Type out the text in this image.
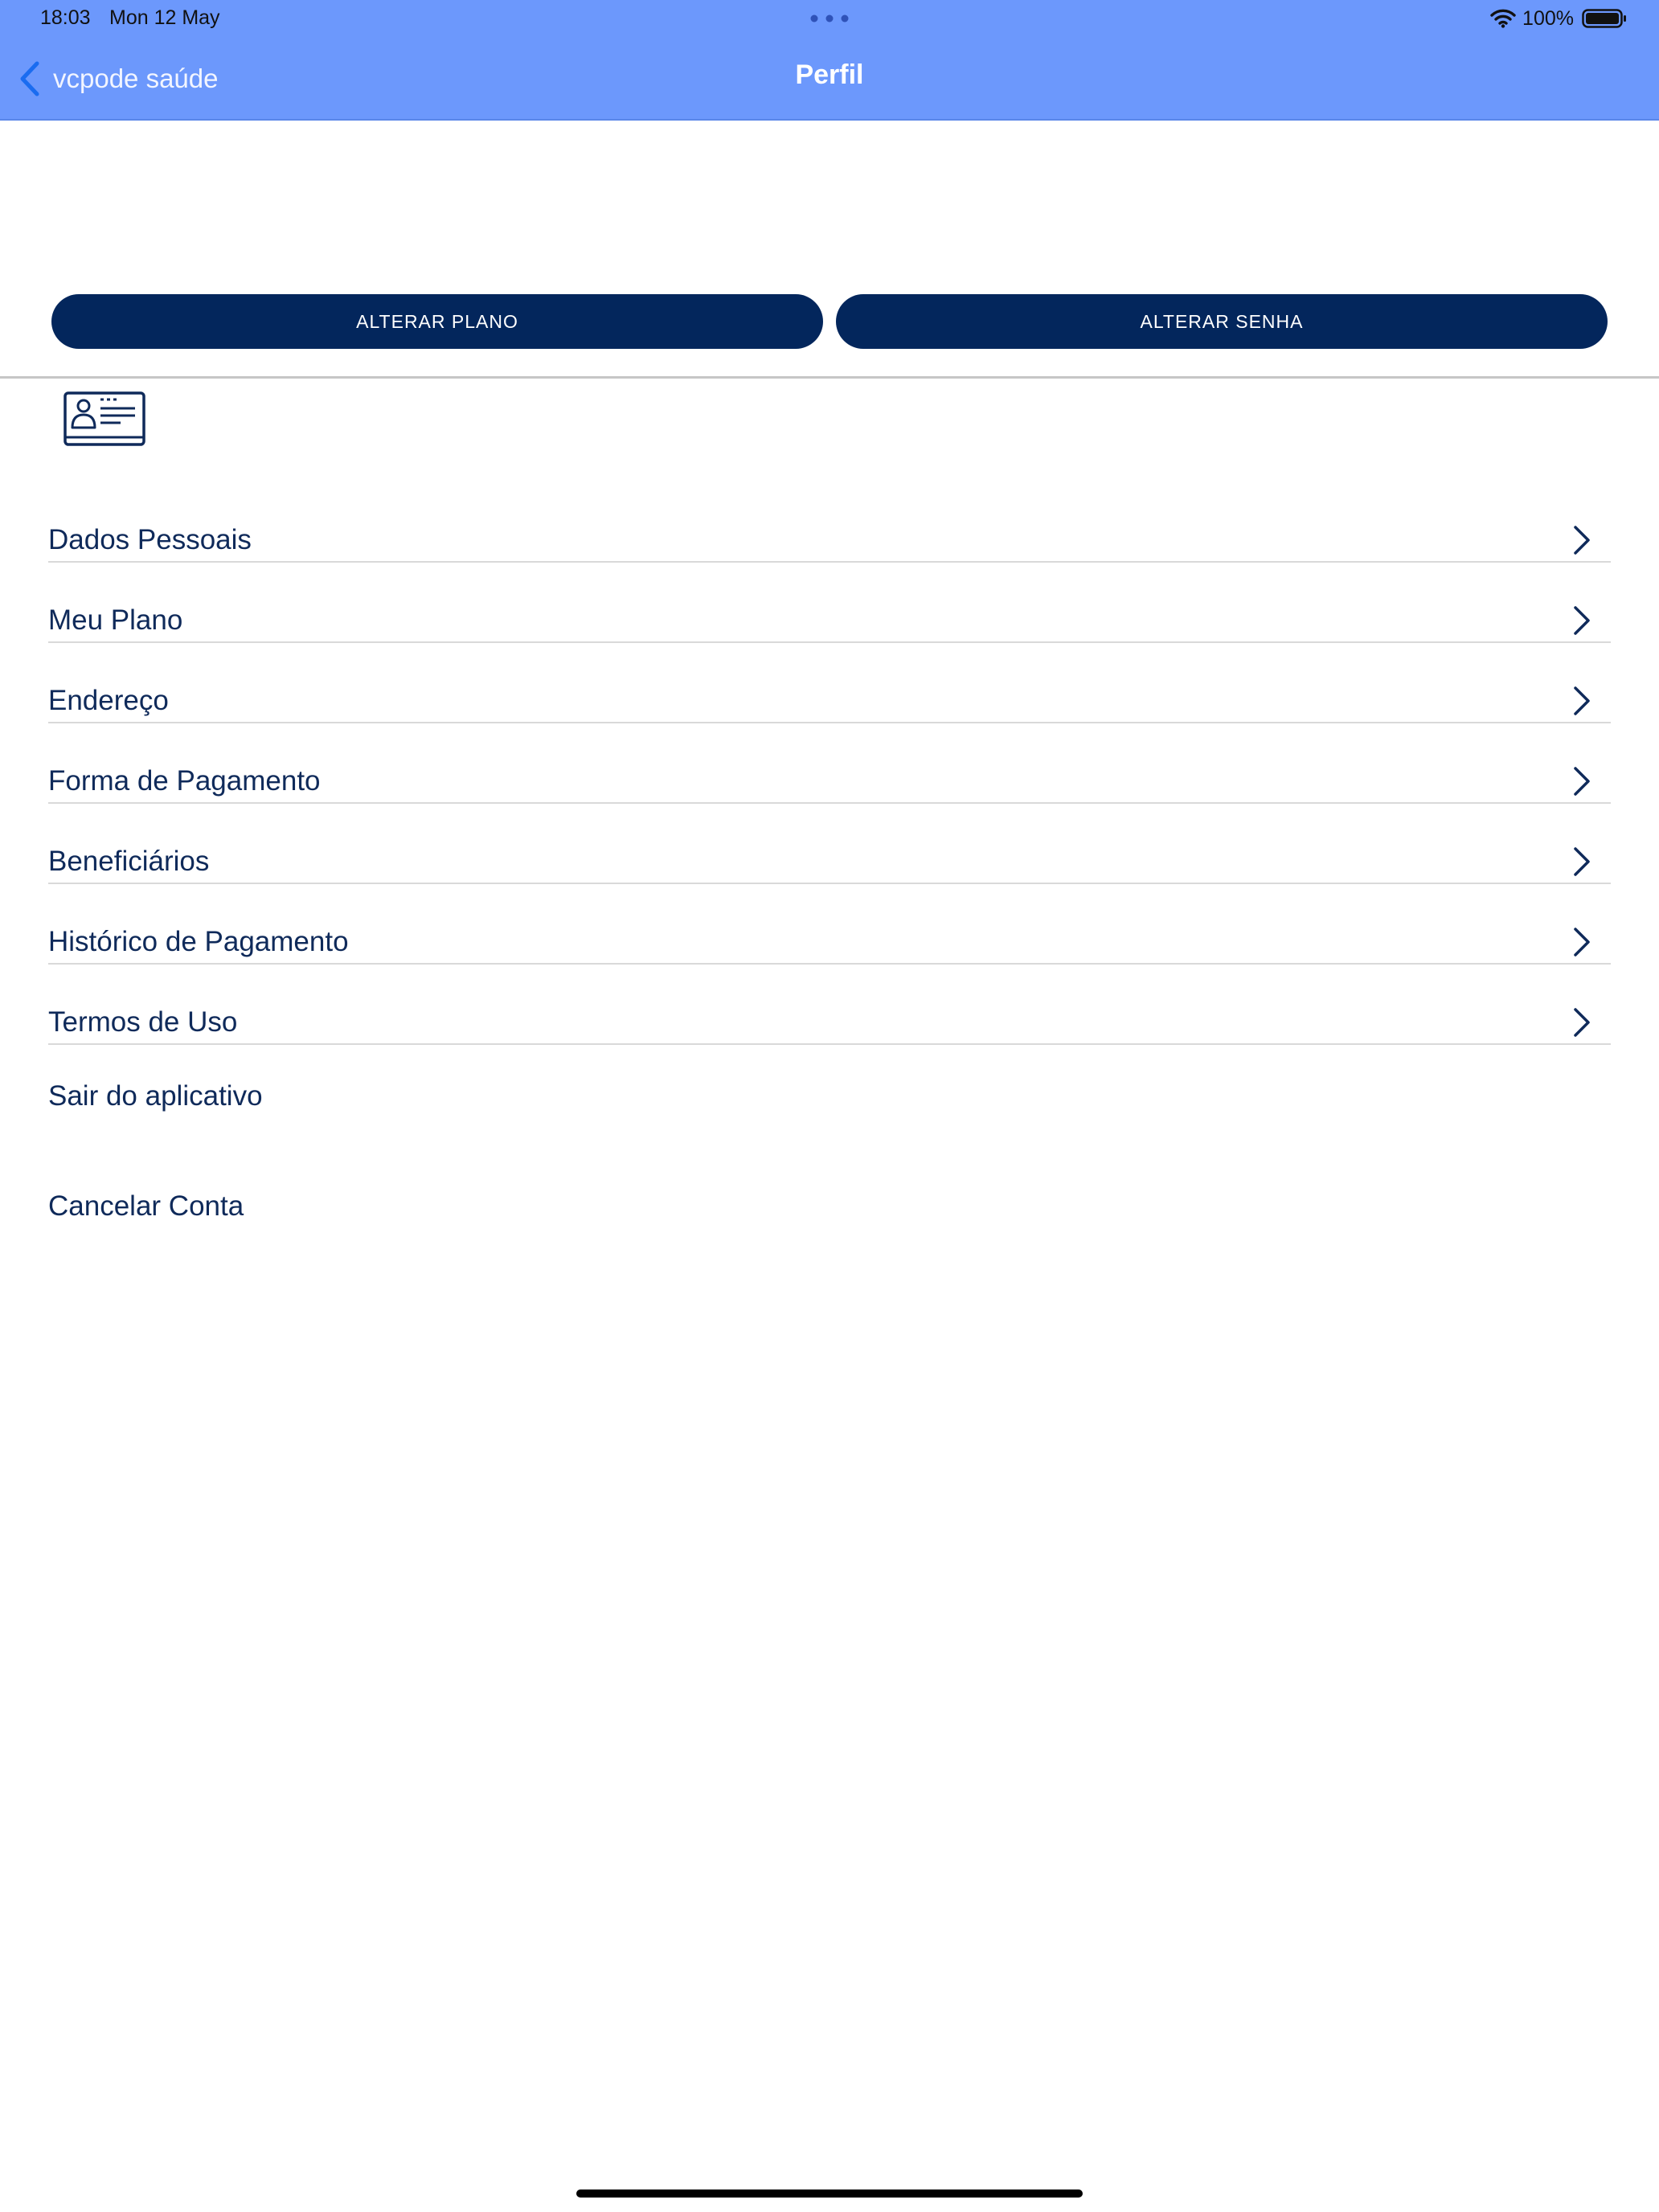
18:03 Mon 12 May	100%
vcpode saúde	Perfil
ALTERAR PLANO	ALTERAR SENHA
Dados Pessoais
Meu Plano
Endereço
Forma de Pagamento
Beneficiários
Histórico de Pagamento
Termos de Uso
Sair do aplicativo
Cancelar Conta
